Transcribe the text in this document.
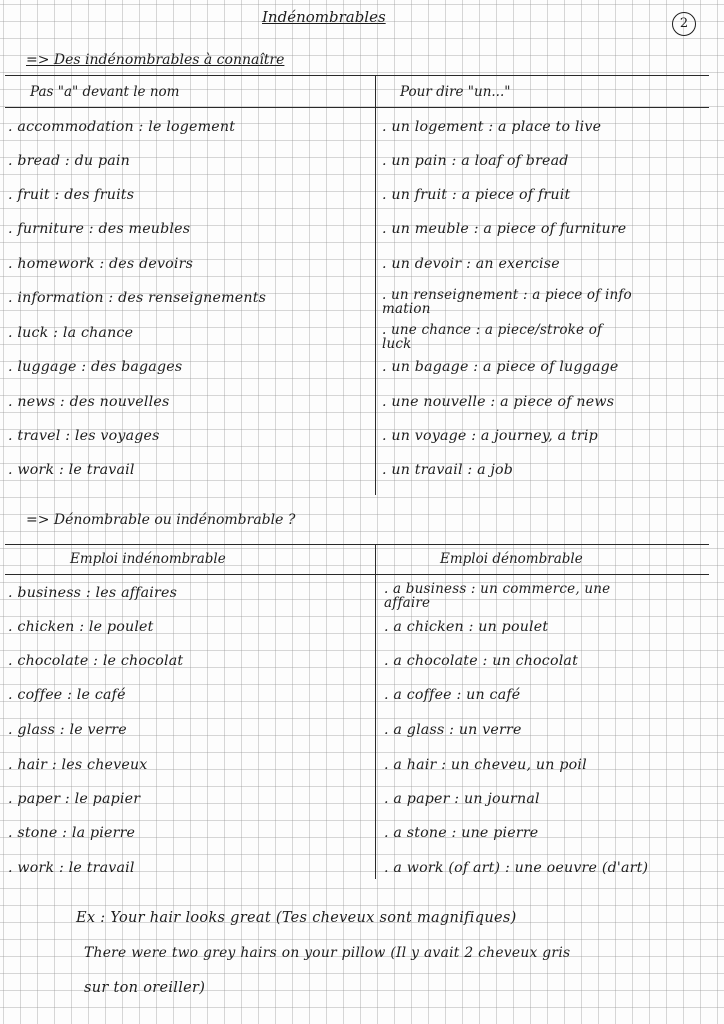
Indénombrables	2
=> Des indénombrables à connaître
Pas "a" devant le nom	Pour dire "un..."
. accommodation : le logement	. un logement : a place to live
. bread : du pain	. un pain : a loaf of bread
. fruit : des fruits	. un fruit : a piece of fruit
. furniture : des meubles	. un meuble : a piece of furniture
. homework : des devoirs	. un devoir : an exercise
. information : des renseignements	. un renseignement : a piece of info
mation
. luck : la chance	. une chance : a piece/stroke of
luck
. luggage : des bagages	. un bagage : a piece of luggage
. news : des nouvelles	. une nouvelle : a piece of news
. travel : les voyages	. un voyage : a journey, a trip
. work : le travail	. un travail : a job
=> Dénombrable ou indénombrable ?
Emploi indénombrable	Emploi dénombrable
. business : les affaires	. a business : un commerce, une
affaire
. chicken : le poulet	. a chicken : un poulet
. chocolate : le chocolat	. a chocolate : un chocolat
. coffee : le café	. a coffee : un café
. glass : le verre	. a glass : un verre
. hair : les cheveux	. a hair : un cheveu, un poil
. paper : le papier	. a paper : un journal
. stone : la pierre	. a stone : une pierre
. work : le travail	. a work (of art) : une oeuvre (d'art)
Ex : Your hair looks great (Tes cheveux sont magnifiques)
There were two grey hairs on your pillow (Il y avait 2 cheveux gris
sur ton oreiller)
